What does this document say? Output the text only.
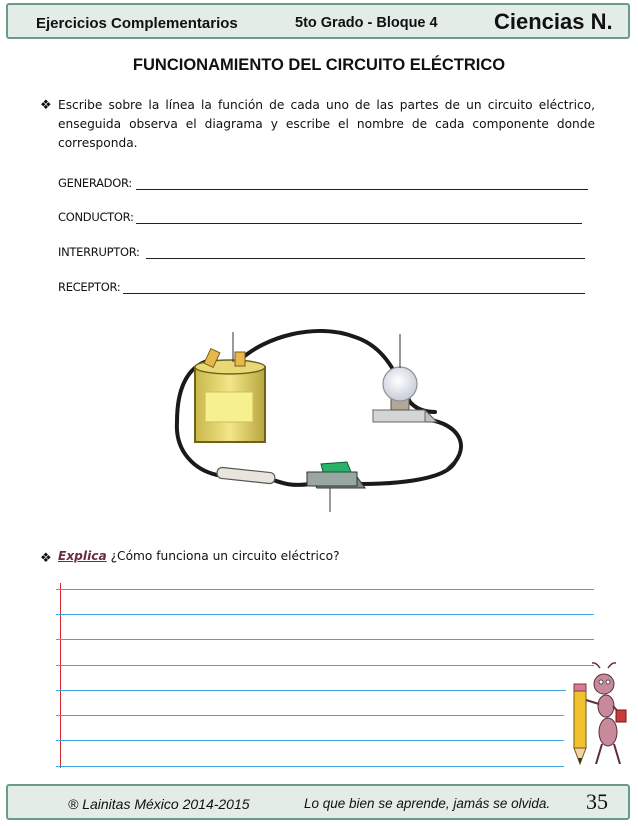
Ejercicios Complementarios	5to Grado - Bloque 4	Ciencias N.
FUNCIONAMIENTO DEL CIRCUITO ELÉCTRICO
❖ Escribe sobre la línea la función de cada uno de las partes de un circuito eléctrico, enseguida observa el diagrama y escribe el nombre de cada componente donde corresponda.
GENERADOR:
CONDUCTOR:
INTERRUPTOR:
RECEPTOR:
❖ Explica ¿Cómo funciona un circuito eléctrico?
® Lainitas México 2014-2015	Lo que bien se aprende, jamás se olvida. 35
